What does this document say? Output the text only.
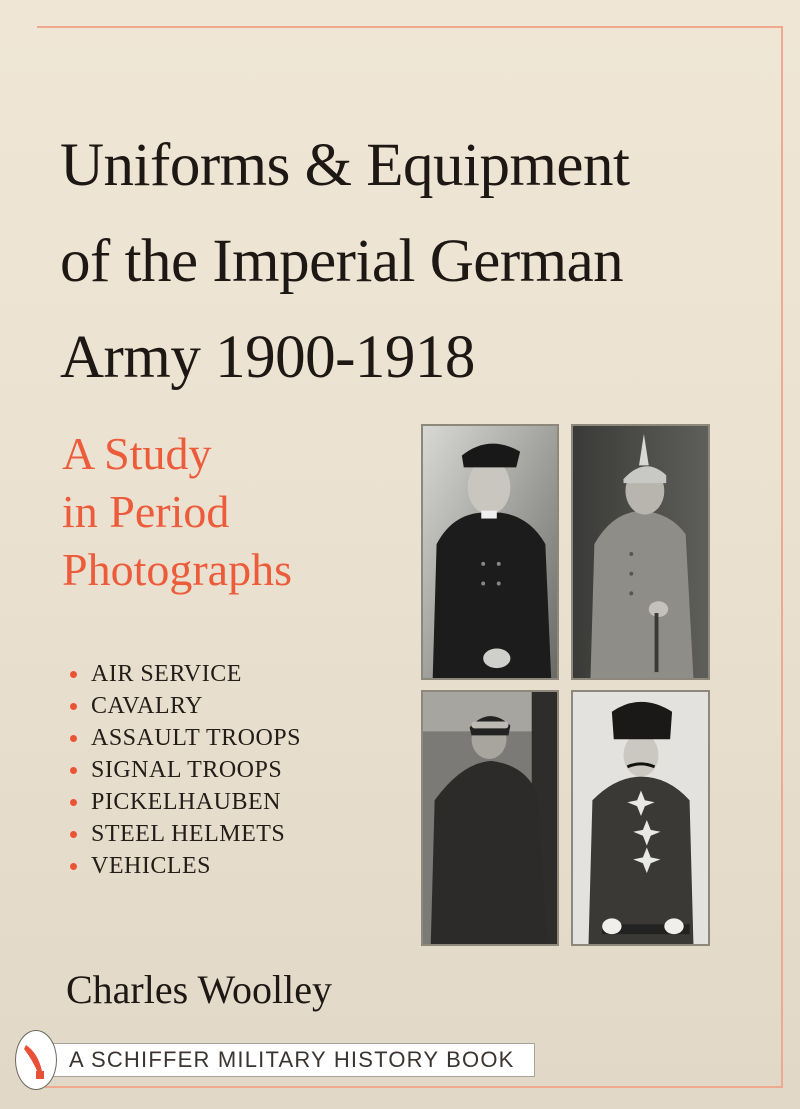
Uniforms & Equipment
of the Imperial German
Army 1900-1918
A Study
in Period
Photographs
AIR SERVICE
CAVALRY
ASSAULT TROOPS
SIGNAL TROOPS
PICKELHAUBEN
STEEL HELMETS
VEHICLES
Charles Woolley
A SCHIFFER MILITARY HISTORY BOOK
